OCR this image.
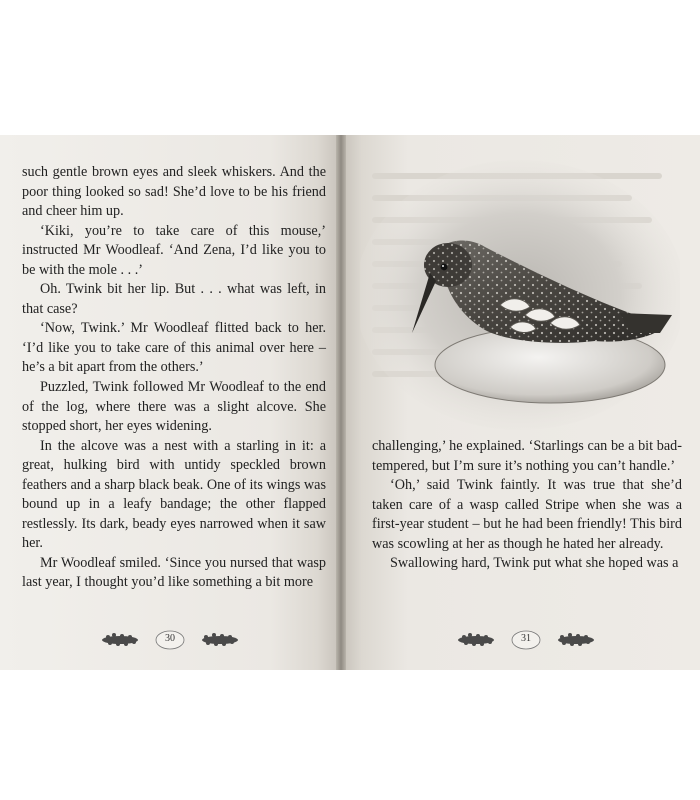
such gentle brown eyes and sleek whiskers. And the poor thing looked so sad! She’d love to be his friend and cheer him up.

‘Kiki, you’re to take care of this mouse,’ instructed Mr Woodleaf. ‘And Zena, I’d like you to be with the mole . . .’

Oh. Twink bit her lip. But . . . what was left, in that case?

‘Now, Twink.’ Mr Woodleaf flitted back to her. ‘I’d like you to take care of this animal over here – he’s a bit apart from the others.’

Puzzled, Twink followed Mr Woodleaf to the end of the log, where there was a slight alcove. She stopped short, her eyes widening.

In the alcove was a nest with a starling in it: a great, hulking bird with untidy speckled brown feathers and a sharp black beak. One of its wings was bound up in a leafy bandage; the other flapped restlessly. Its dark, beady eyes narrowed when it saw her.

Mr Woodleaf smiled. ‘Since you nursed that wasp last year, I thought you’d like something a bit more

challenging,’ he explained. ‘Starlings can be a bit bad-tempered, but I’m sure it’s nothing you can’t handle.’

‘Oh,’ said Twink faintly. It was true that she’d taken care of a wasp called Stripe when she was a first-year student – but he had been friendly! This bird was scowling at her as though he hated her already.

Swallowing hard, Twink put what she hoped was a

30	31
